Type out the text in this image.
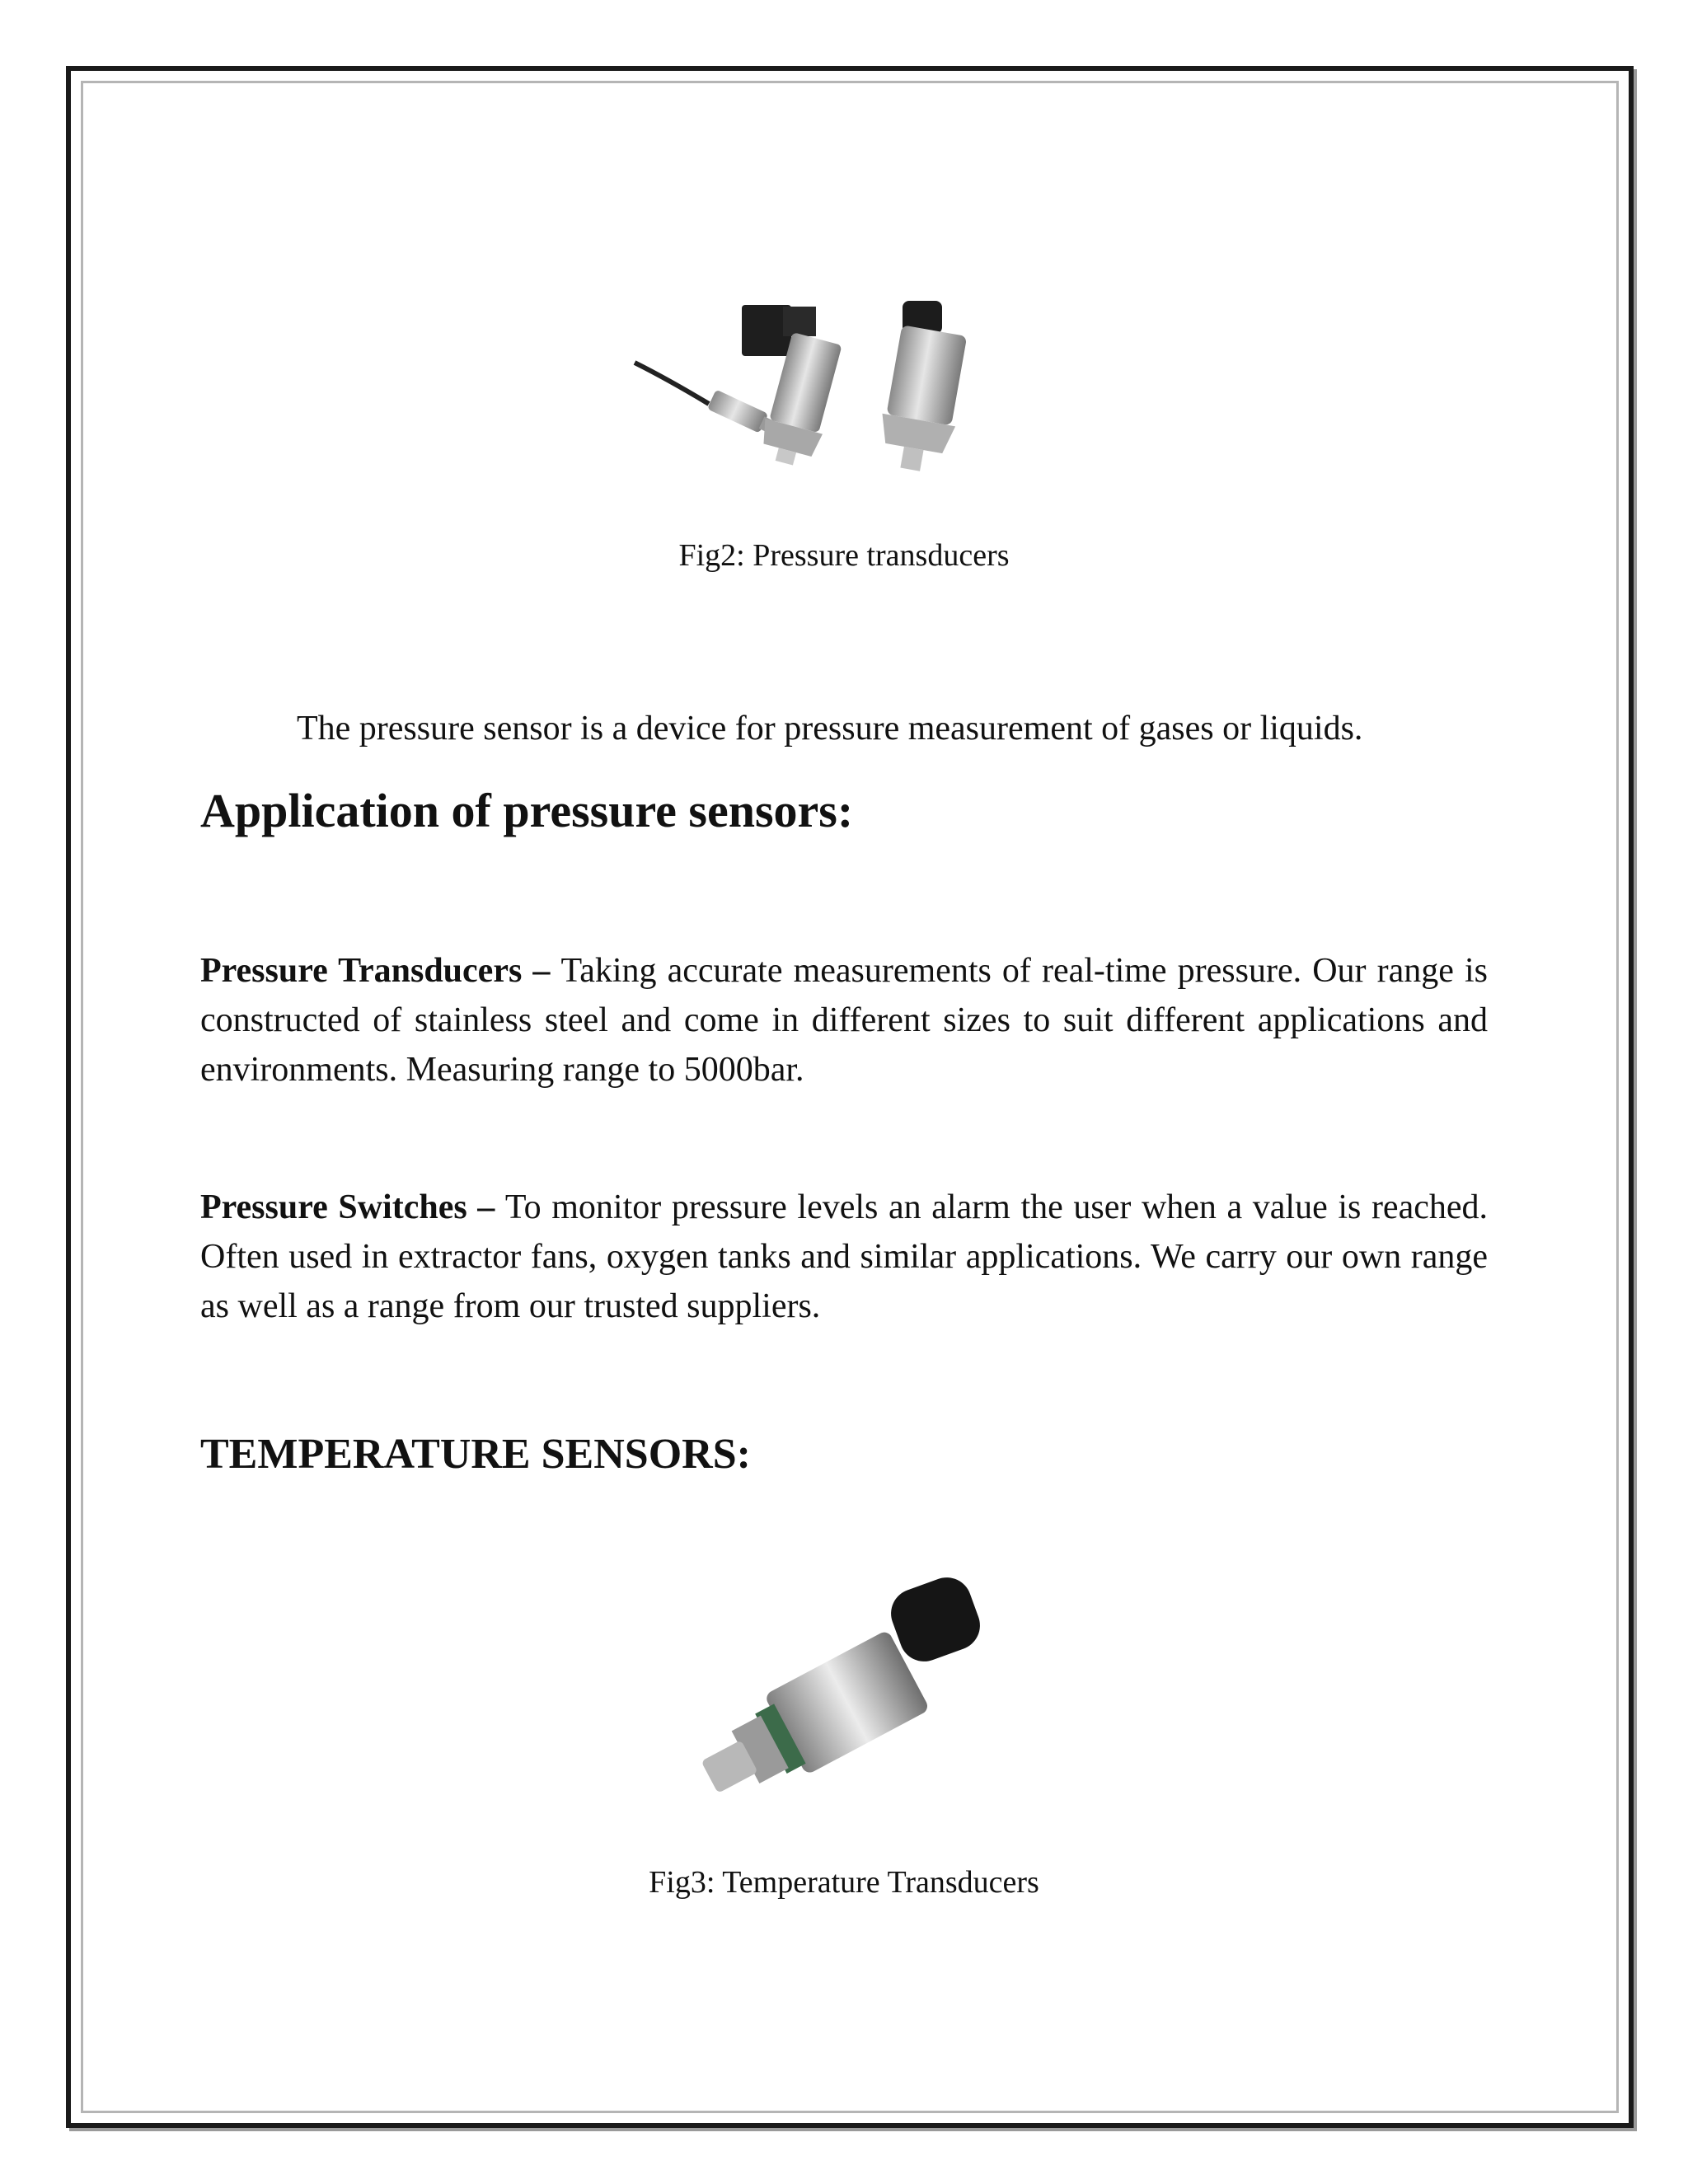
Fig2: Pressure transducers
The pressure sensor is a device for pressure measurement of gases or liquids.
Application of pressure sensors:
Pressure Transducers – Taking accurate measurements of real-time pressure. Our range is constructed of stainless steel and come in different sizes to suit different applications and environments. Measuring range to 5000bar.
Pressure Switches – To monitor pressure levels an alarm the user when a value is reached. Often used in extractor fans, oxygen tanks and similar applications. We carry our own range as well as a range from our trusted suppliers.
TEMPERATURE SENSORS:
Fig3: Temperature Transducers
